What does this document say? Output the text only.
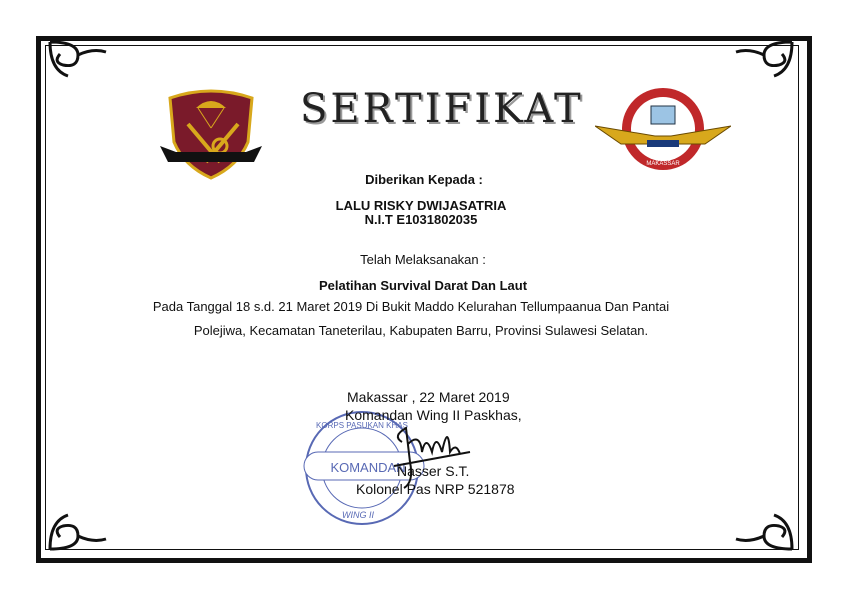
SERTIFIKAT
MAKASSAR
Diberikan Kepada :
LALU RISKY DWIJASATRIA
N.I.T E1031802035
Telah Melaksanakan :
Pelatihan Survival Darat Dan Laut
Pada Tanggal 18 s.d. 21 Maret 2019 Di Bukit Maddo Kelurahan Tellumpaanua Dan Pantai
Polejiwa, Kecamatan Taneterilau, Kabupaten Barru, Provinsi Sulawesi Selatan.
KORPS PASUKAN KHAS
KOMANDAN
WING II
Makassar , 22 Maret 2019
Komandan Wing II Paskhas,
Nasser S.T.
Kolonel Pas NRP 521878
